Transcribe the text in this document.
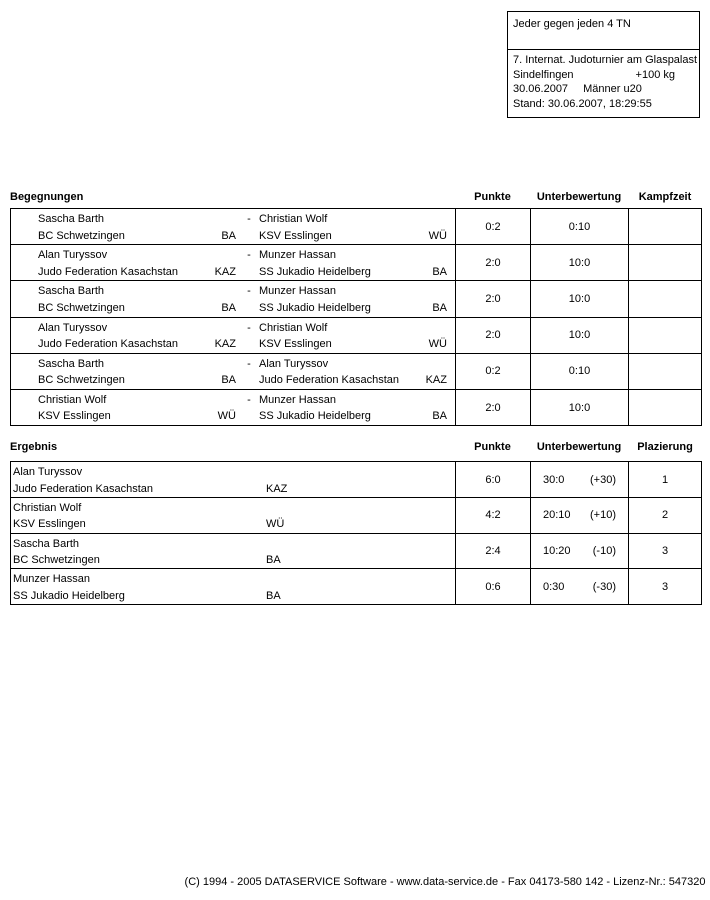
Jeder gegen jeden 4 TN
7. Internat. Judoturnier am Glaspalast
Sindelfingen	+100 kg
30.06.2007 Männer u20
Stand: 30.06.2007, 18:29:55
Begegnungen	Punkte	Unterbewertung	Kampfzeit
Sascha Barth
BC Schwetzingen	BA
- Christian Wolf
KSV Esslingen	WÜ
0:2	0:10
Alan Turyssov
Judo Federation Kasachstan	KAZ
- Munzer Hassan
SS Jukadio Heidelberg	BA
2:0	10:0
Sascha Barth
BC Schwetzingen	BA
- Munzer Hassan
SS Jukadio Heidelberg	BA
2:0	10:0
Alan Turyssov
Judo Federation Kasachstan	KAZ
- Christian Wolf
KSV Esslingen	WÜ
2:0	10:0
Sascha Barth
BC Schwetzingen	BA
- Alan Turyssov
Judo Federation Kasachstan KAZ
0:2	0:10
Christian Wolf
KSV Esslingen	WÜ
- Munzer Hassan
SS Jukadio Heidelberg	BA
2:0	10:0
Ergebnis	Punkte	Unterbewertung	Plazierung
Alan Turyssov
Judo Federation Kasachstan	KAZ
6:0	30:0 (+30)	1
Christian Wolf
KSV Esslingen	WÜ
4:2	20:10 (+10)	2
Sascha Barth
BC Schwetzingen	BA
2:4	10:20 (-10)	3
Munzer Hassan
SS Jukadio Heidelberg	BA
0:6	0:30	(-30)	3
(C) 1994 - 2005 DATASERVICE Software - www.data-service.de - Fax 04173-580 142 - Lizenz-Nr.: 547320
